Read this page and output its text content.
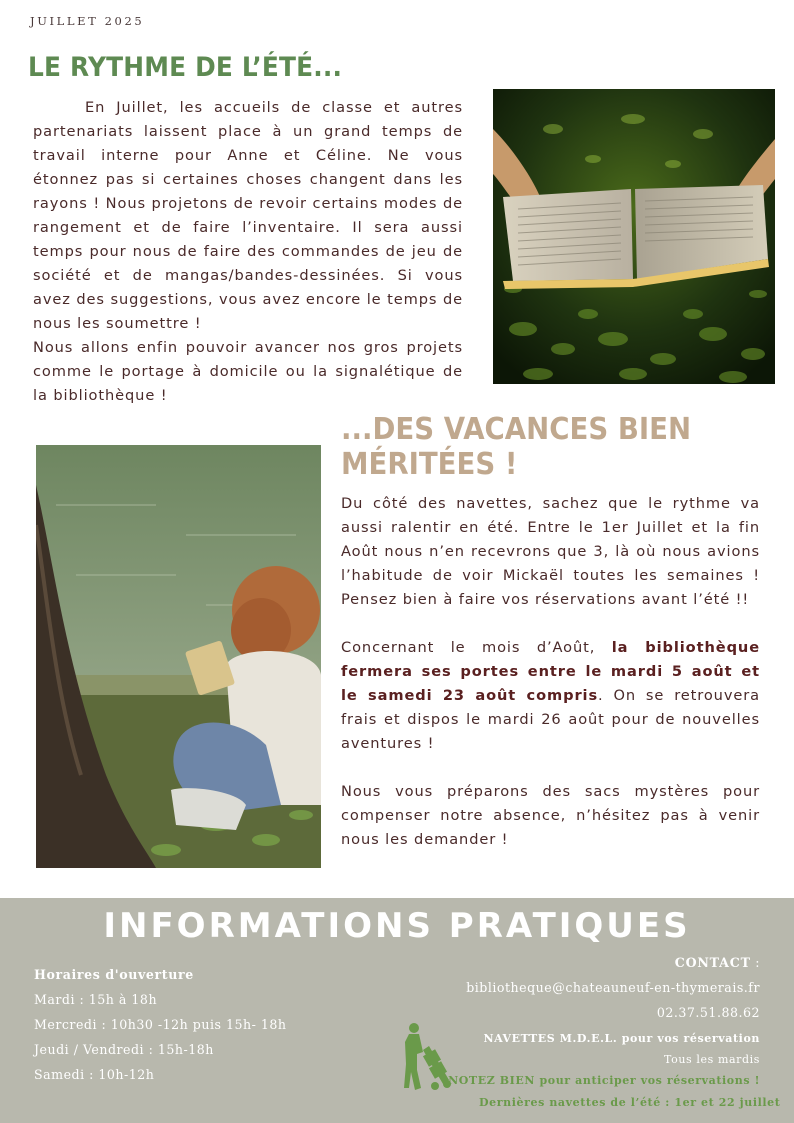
JUILLET 2025
LE RYTHME DE L’ÉTÉ...

En Juillet, les accueils de classe et autres partenariats laissent place à un grand temps de travail interne pour Anne et Céline. Ne vous étonnez pas si certaines choses changent dans les rayons ! Nous projetons de revoir certains modes de rangement et de faire l’inventaire. Il sera aussi temps pour nous de faire des commandes de jeu de société et de mangas/bandes-dessinées. Si vous avez des suggestions, vous avez encore le temps de nous les soumettre !

Nous allons enfin pouvoir avancer nos gros projets comme le portage à domicile ou la signalétique de la bibliothèque !

...DES VACANCES BIEN MÉRITÉES !

Du côté des navettes, sachez que le rythme va aussi ralentir en été. Entre le 1er Juillet et la fin Août nous n’en recevrons que 3, là où nous avions l’habitude de voir Mickaël toutes les semaines ! Pensez bien à faire vos réservations avant l’été !!

Concernant le mois d’Août, la bibliothèque fermera ses portes entre le mardi 5 août et le samedi 23 août compris. On se retrouvera frais et dispos le mardi 26 août pour de nouvelles aventures !

Nous vous préparons des sacs mystères pour compenser notre absence, n’hésitez pas à venir nous les demander !

INFORMATIONS PRATIQUES
Horaires d'ouverture
Mardi : 15h à 18h
Mercredi : 10h30 -12h puis 15h- 18h
Jeudi / Vendredi : 15h-18h
Samedi : 10h-12h
CONTACT :
bibliotheque@chateauneuf-en-thymerais.fr
02.37.51.88.62
NAVETTES M.D.E.L. pour vos réservation
Tous les mardis
NOTEZ BIEN pour anticiper vos réservations !
Dernières navettes de l’été : 1er et 22 juillet
